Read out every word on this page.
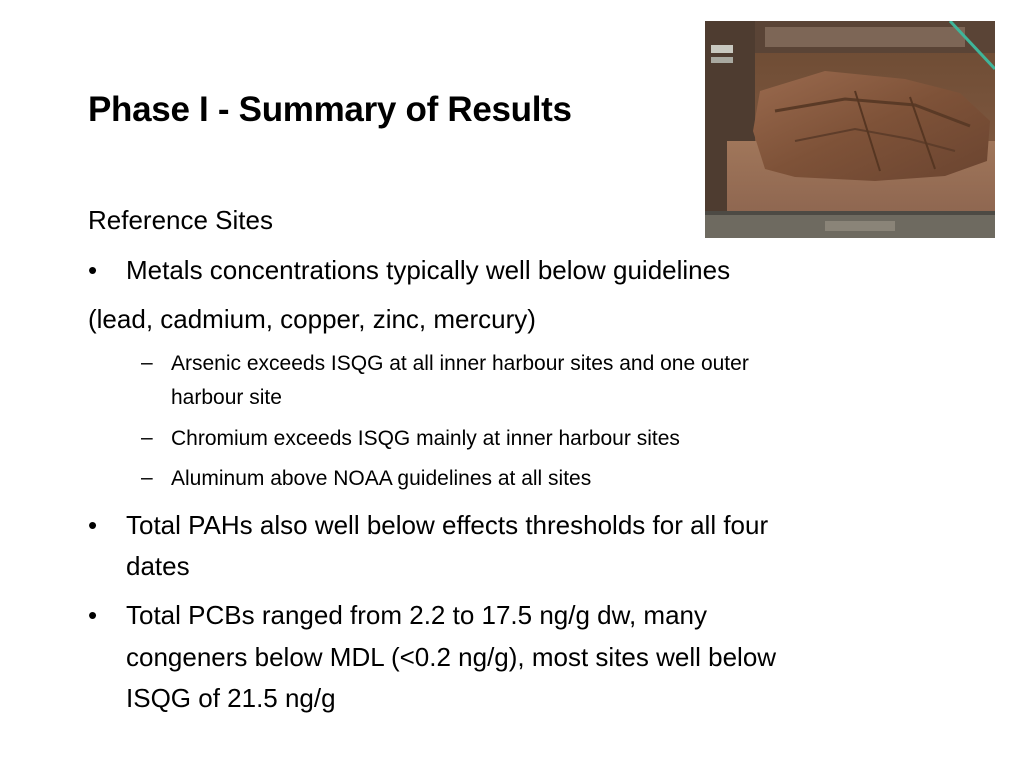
Phase I - Summary of Results
Reference Sites
• Metals concentrations typically well below guidelines
(lead, cadmium, copper, zinc, mercury)
– Arsenic exceeds ISQG at all inner harbour sites and one outer
harbour site
– Chromium exceeds ISQG mainly at inner harbour sites
– Aluminum above NOAA guidelines at all sites
• Total PAHs also well below effects thresholds for all four
dates
• Total PCBs ranged from 2.2 to 17.5 ng/g dw, many
congeners below MDL (<0.2 ng/g), most sites well below
ISQG of 21.5 ng/g
